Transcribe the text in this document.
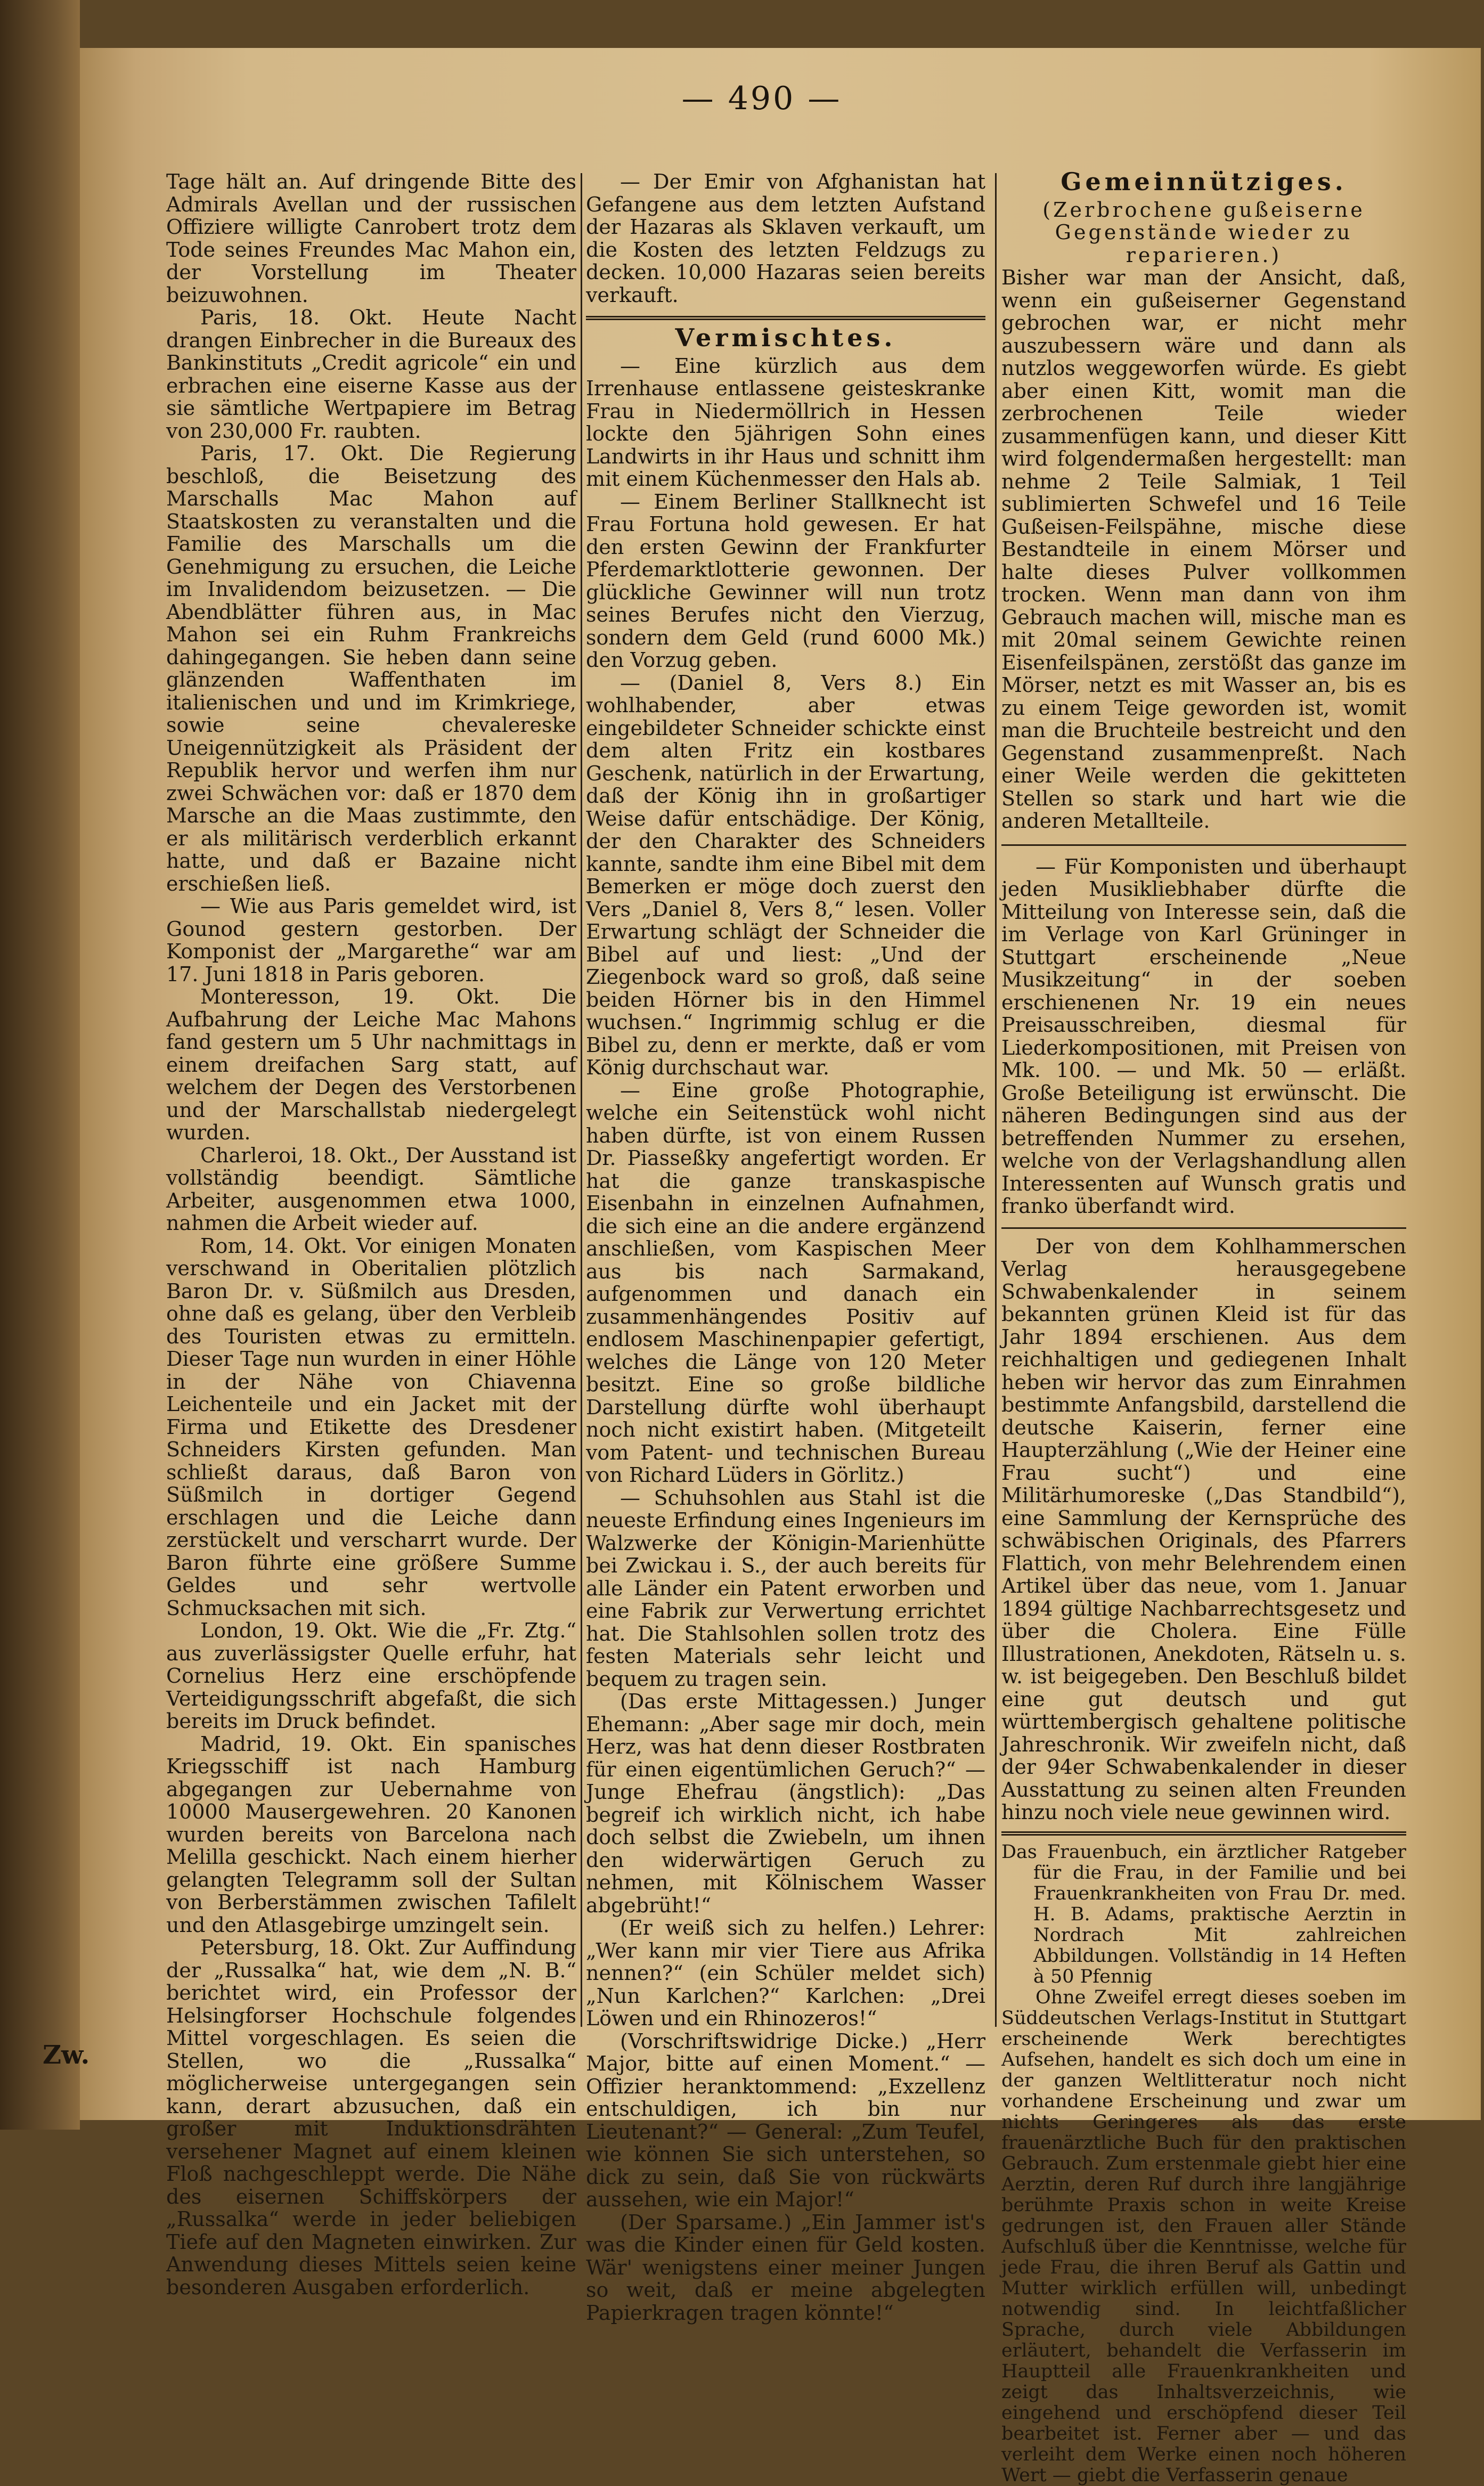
— 490 —

Tage hält an. Auf dringende Bitte des Admirals Avellan und der russischen Offiziere willigte Canrobert trotz dem Tode seines Freundes Mac Mahon ein, der Vorstellung im Theater beizuwohnen.

Paris, 18. Okt. Heute Nacht drangen Einbrecher in die Bureaux des Bankinstituts „Credit agricole“ ein und erbrachen eine eiserne Kasse aus der sie sämtliche Wertpapiere im Betrag von 230,000 Fr. raubten.

Paris, 17. Okt. Die Regierung beschloß, die Beisetzung des Marschalls Mac Mahon auf Staatskosten zu veranstalten und die Familie des Marschalls um die Genehmigung zu ersuchen, die Leiche im Invalidendom beizusetzen. — Die Abendblätter führen aus, in Mac Mahon sei ein Ruhm Frankreichs dahingegangen. Sie heben dann seine glänzenden Waffenthaten im italienischen und und im Krimkriege, sowie seine chevalereske Uneigennützigkeit als Präsident der Republik hervor und werfen ihm nur zwei Schwächen vor: daß er 1870 dem Marsche an die Maas zustimmte, den er als militärisch verderblich erkannt hatte, und daß er Bazaine nicht erschießen ließ.

— Wie aus Paris gemeldet wird, ist Gounod gestern gestorben. Der Komponist der „Margarethe“ war am 17. Juni 1818 in Paris geboren.

Monteresson, 19. Okt. Die Aufbahrung der Leiche Mac Mahons fand gestern um 5 Uhr nachmittags in einem dreifachen Sarg statt, auf welchem der Degen des Verstorbenen und der Marschallstab niedergelegt wurden.

Charleroi, 18. Okt., Der Ausstand ist vollständig beendigt. Sämtliche Arbeiter, ausgenommen etwa 1000, nahmen die Arbeit wieder auf.

Rom, 14. Okt. Vor einigen Monaten verschwand in Oberitalien plötzlich Baron Dr. v. Süßmilch aus Dresden, ohne daß es gelang, über den Verbleib des Touristen etwas zu ermitteln. Dieser Tage nun wurden in einer Höhle in der Nähe von Chiavenna Leichenteile und ein Jacket mit der Firma und Etikette des Dresdener Schneiders Kirsten gefunden. Man schließt daraus, daß Baron von Süßmilch in dortiger Gegend erschlagen und die Leiche dann zerstückelt und verscharrt wurde. Der Baron führte eine größere Summe Geldes und sehr wertvolle Schmucksachen mit sich.

London, 19. Okt. Wie die „Fr. Ztg.“ aus zuverlässigster Quelle erfuhr, hat Cornelius Herz eine erschöpfende Verteidigungsschrift abgefaßt, die sich bereits im Druck befindet.

Madrid, 19. Okt. Ein spanisches Kriegsschiff ist nach Hamburg abgegangen zur Uebernahme von 10000 Mausergewehren. 20 Kanonen wurden bereits von Barcelona nach Melilla geschickt. Nach einem hierher gelangten Telegramm soll der Sultan von Berberstämmen zwischen Tafilelt und den Atlasgebirge umzingelt sein.

Petersburg, 18. Okt. Zur Auffindung der „Russalka“ hat, wie dem „N. B.“ berichtet wird, ein Professor der Helsingforser Hochschule folgendes Mittel vorgeschlagen. Es seien die Stellen, wo die „Russalka“ möglicherweise untergegangen sein kann, derart abzusuchen, daß ein großer mit Induktionsdrähten versehener Magnet auf einem kleinen Floß nachgeschleppt werde. Die Nähe des eisernen Schiffskörpers der „Russalka“ werde in jeder beliebigen Tiefe auf den Magneten einwirken. Zur Anwendung dieses Mittels seien keine besonderen Ausgaben erforderlich.

— Der Emir von Afghanistan hat Gefangene aus dem letzten Aufstand der Hazaras als Sklaven verkauft, um die Kosten des letzten Feldzugs zu decken. 10,000 Hazaras seien bereits verkauft.

Vermischtes.

— Eine kürzlich aus dem Irrenhause entlassene geisteskranke Frau in Niedermöllrich in Hessen lockte den 5jährigen Sohn eines Landwirts in ihr Haus und schnitt ihm mit einem Küchenmesser den Hals ab.

— Einem Berliner Stallknecht ist Frau Fortuna hold gewesen. Er hat den ersten Gewinn der Frankfurter Pferdemarktlotterie gewonnen. Der glückliche Gewinner will nun trotz seines Berufes nicht den Vierzug, sondern dem Geld (rund 6000 Mk.) den Vorzug geben.

— (Daniel 8, Vers 8.) Ein wohlhabender, aber etwas eingebildeter Schneider schickte einst dem alten Fritz ein kostbares Geschenk, natürlich in der Erwartung, daß der König ihn in großartiger Weise dafür entschädige. Der König, der den Charakter des Schneiders kannte, sandte ihm eine Bibel mit dem Bemerken er möge doch zuerst den Vers „Daniel 8, Vers 8,“ lesen. Voller Erwartung schlägt der Schneider die Bibel auf und liest: „Und der Ziegenbock ward so groß, daß seine beiden Hörner bis in den Himmel wuchsen.“ Ingrimmig schlug er die Bibel zu, denn er merkte, daß er vom König durchschaut war.

— Eine große Photographie, welche ein Seitenstück wohl nicht haben dürfte, ist von einem Russen Dr. Piasseßky angefertigt worden. Er hat die ganze transkaspische Eisenbahn in einzelnen Aufnahmen, die sich eine an die andere ergänzend anschließen, vom Kaspischen Meer aus bis nach Sarmakand, aufgenommen und danach ein zusammenhängendes Positiv auf endlosem Maschinenpapier gefertigt, welches die Länge von 120 Meter besitzt. Eine so große bildliche Darstellung dürfte wohl überhaupt noch nicht existirt haben. (Mitgeteilt vom Patent- und technischen Bureau von Richard Lüders in Görlitz.)

— Schuhsohlen aus Stahl ist die neueste Erfindung eines Ingenieurs im Walzwerke der Königin-Marienhütte bei Zwickau i. S., der auch bereits für alle Länder ein Patent erworben und eine Fabrik zur Verwertung errichtet hat. Die Stahlsohlen sollen trotz des festen Materials sehr leicht und bequem zu tragen sein.

(Das erste Mittagessen.) Junger Ehemann: „Aber sage mir doch, mein Herz, was hat denn dieser Rostbraten für einen eigentümlichen Geruch?“ — Junge Ehefrau (ängstlich): „Das begreif ich wirklich nicht, ich habe doch selbst die Zwiebeln, um ihnen den widerwärtigen Geruch zu nehmen, mit Kölnischem Wasser abgebrüht!“

(Er weiß sich zu helfen.) Lehrer: „Wer kann mir vier Tiere aus Afrika nennen?“ (ein Schüler meldet sich) „Nun Karlchen?“ Karlchen: „Drei Löwen und ein Rhinozeros!“

(Vorschriftswidrige Dicke.) „Herr Major, bitte auf einen Moment.“ — Offizier heranktommend: „Exzellenz entschuldigen, ich bin nur Lieutenant?“ — General: „Zum Teufel, wie können Sie sich unterstehen, so dick zu sein, daß Sie von rückwärts aussehen, wie ein Major!“

(Der Sparsame.) „Ein Jammer ist's was die Kinder einen für Geld kosten. Wär' wenigstens einer meiner Jungen so weit, daß er meine abgelegten Papierkragen tragen könnte!“

Gemeinnütziges.
(Zerbrochene gußeiserne Gegenstände wieder zu reparieren.)

Bisher war man der Ansicht, daß, wenn ein gußeiserner Gegenstand gebrochen war, er nicht mehr auszubessern wäre und dann als nutzlos weggeworfen würde. Es giebt aber einen Kitt, womit man die zerbrochenen Teile wieder zusammenfügen kann, und dieser Kitt wird folgendermaßen hergestellt: man nehme 2 Teile Salmiak, 1 Teil sublimierten Schwefel und 16 Teile Gußeisen-Feilspähne, mische diese Bestandteile in einem Mörser und halte dieses Pulver vollkommen trocken. Wenn man dann von ihm Gebrauch machen will, mische man es mit 20mal seinem Gewichte reinen Eisenfeilspänen, zerstößt das ganze im Mörser, netzt es mit Wasser an, bis es zu einem Teige geworden ist, womit man die Bruchteile bestreicht und den Gegenstand zusammenpreßt. Nach einer Weile werden die gekitteten Stellen so stark und hart wie die anderen Metallteile.

— Für Komponisten und überhaupt jeden Musikliebhaber dürfte die Mitteilung von Interesse sein, daß die im Verlage von Karl Grüninger in Stuttgart erscheinende „Neue Musikzeitung“ in der soeben erschienenen Nr. 19 ein neues Preisausschreiben, diesmal für Liederkompositionen, mit Preisen von Mk. 100. — und Mk. 50 — erläßt. Große Beteiligung ist erwünscht. Die näheren Bedingungen sind aus der betreffenden Nummer zu ersehen, welche von der Verlagshandlung allen Interessenten auf Wunsch gratis und franko überfandt wird.

Der von dem Kohlhammerschen Verlag herausgegebene Schwabenkalender in seinem bekannten grünen Kleid ist für das Jahr 1894 erschienen. Aus dem reichhaltigen und gediegenen Inhalt heben wir hervor das zum Einrahmen bestimmte Anfangsbild, darstellend die deutsche Kaiserin, ferner eine Haupterzählung („Wie der Heiner eine Frau sucht“) und eine Militärhumoreske („Das Standbild“), eine Sammlung der Kernsprüche des schwäbischen Originals, des Pfarrers Flattich, von mehr Belehrendem einen Artikel über das neue, vom 1. Januar 1894 gültige Nachbarrechtsgesetz und über die Cholera. Eine Fülle Illustrationen, Anekdoten, Rätseln u. s. w. ist beigegeben. Den Beschluß bildet eine gut deutsch und gut württembergisch gehaltene politische Jahreschronik. Wir zweifeln nicht, daß der 94er Schwabenkalender in dieser Ausstattung zu seinen alten Freunden hinzu noch viele neue gewinnen wird.

Das Frauenbuch, ein ärztlicher Ratgeber für die Frau, in der Familie und bei Frauenkrankheiten von Frau Dr. med. H. B. Adams, praktische Aerztin in Nordrach Mit zahlreichen Abbildungen. Vollständig in 14 Heften à 50 Pfennig

Ohne Zweifel erregt dieses soeben im Süddeutschen Verlags-Institut in Stuttgart erscheinende Werk berechtigtes Aufsehen, handelt es sich doch um eine in der ganzen Weltlitteratur noch nicht vorhandene Erscheinung und zwar um nichts Geringeres als das erste frauenärztliche Buch für den praktischen Gebrauch. Zum erstenmale giebt hier eine Aerztin, deren Ruf durch ihre langjährige berühmte Praxis schon in weite Kreise gedrungen ist, den Frauen aller Stände Aufschluß über die Kenntnisse, welche für jede Frau, die ihren Beruf als Gattin und Mutter wirklich erfüllen will, unbedingt notwendig sind. In leichtfaßlicher Sprache, durch viele Abbildungen erläutert, behandelt die Verfasserin im Hauptteil alle Frauenkrankheiten und zeigt das Inhaltsverzeichnis, wie eingehend und erschöpfend dieser Teil bearbeitet ist. Ferner aber — und das verleiht dem Werke einen noch höheren Wert — giebt die Verfasserin genaue

Zw.
